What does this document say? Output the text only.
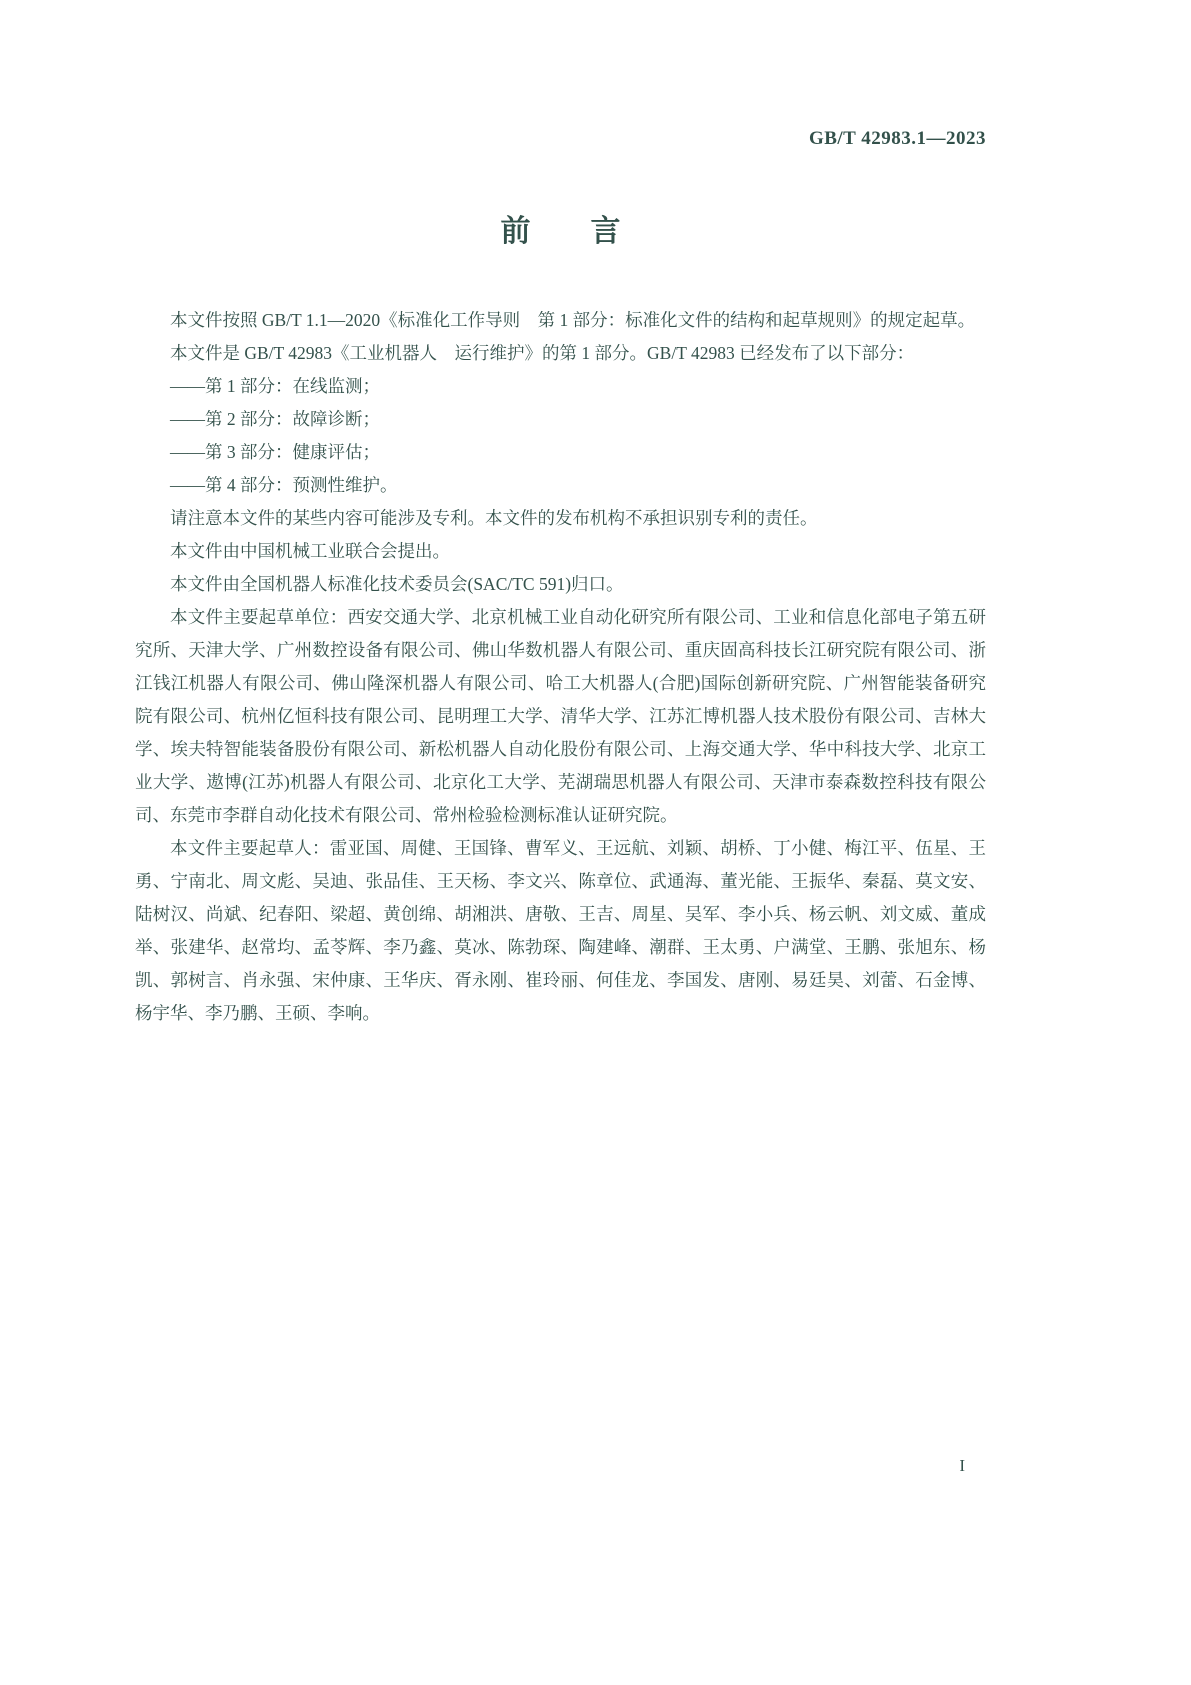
GB/T 42983.1—2023
前　　言

本文件按照 GB/T 1.1—2020《标准化工作导则　第 1 部分：标准化文件的结构和起草规则》的规定起草。

本文件是 GB/T 42983《工业机器人　运行维护》的第 1 部分。GB/T 42983 已经发布了以下部分：

——第 1 部分：在线监测；

——第 2 部分：故障诊断；

——第 3 部分：健康评估；

——第 4 部分：预测性维护。

请注意本文件的某些内容可能涉及专利。本文件的发布机构不承担识别专利的责任。

本文件由中国机械工业联合会提出。

本文件由全国机器人标准化技术委员会(SAC/TC 591)归口。

本文件主要起草单位：西安交通大学、北京机械工业自动化研究所有限公司、工业和信息化部电子第五研究所、天津大学、广州数控设备有限公司、佛山华数机器人有限公司、重庆固高科技长江研究院有限公司、浙江钱江机器人有限公司、佛山隆深机器人有限公司、哈工大机器人(合肥)国际创新研究院、广州智能装备研究院有限公司、杭州亿恒科技有限公司、昆明理工大学、清华大学、江苏汇博机器人技术股份有限公司、吉林大学、埃夫特智能装备股份有限公司、新松机器人自动化股份有限公司、上海交通大学、华中科技大学、北京工业大学、遨博(江苏)机器人有限公司、北京化工大学、芜湖瑞思机器人有限公司、天津市泰森数控科技有限公司、东莞市李群自动化技术有限公司、常州检验检测标准认证研究院。

本文件主要起草人：雷亚国、周健、王国锋、曹军义、王远航、刘颖、胡桥、丁小健、梅江平、伍星、王勇、宁南北、周文彪、吴迪、张品佳、王天杨、李文兴、陈章位、武通海、董光能、王振华、秦磊、莫文安、陆树汉、尚斌、纪春阳、梁超、黄创绵、胡湘洪、唐敬、王吉、周星、吴军、李小兵、杨云帆、刘文威、董成举、张建华、赵常均、孟苓辉、李乃鑫、莫冰、陈勃琛、陶建峰、潮群、王太勇、户满堂、王鹏、张旭东、杨凯、郭树言、肖永强、宋仲康、王华庆、胥永刚、崔玲丽、何佳龙、李国发、唐刚、易廷昊、刘蕾、石金博、杨宇华、李乃鹏、王硕、李响。

I
